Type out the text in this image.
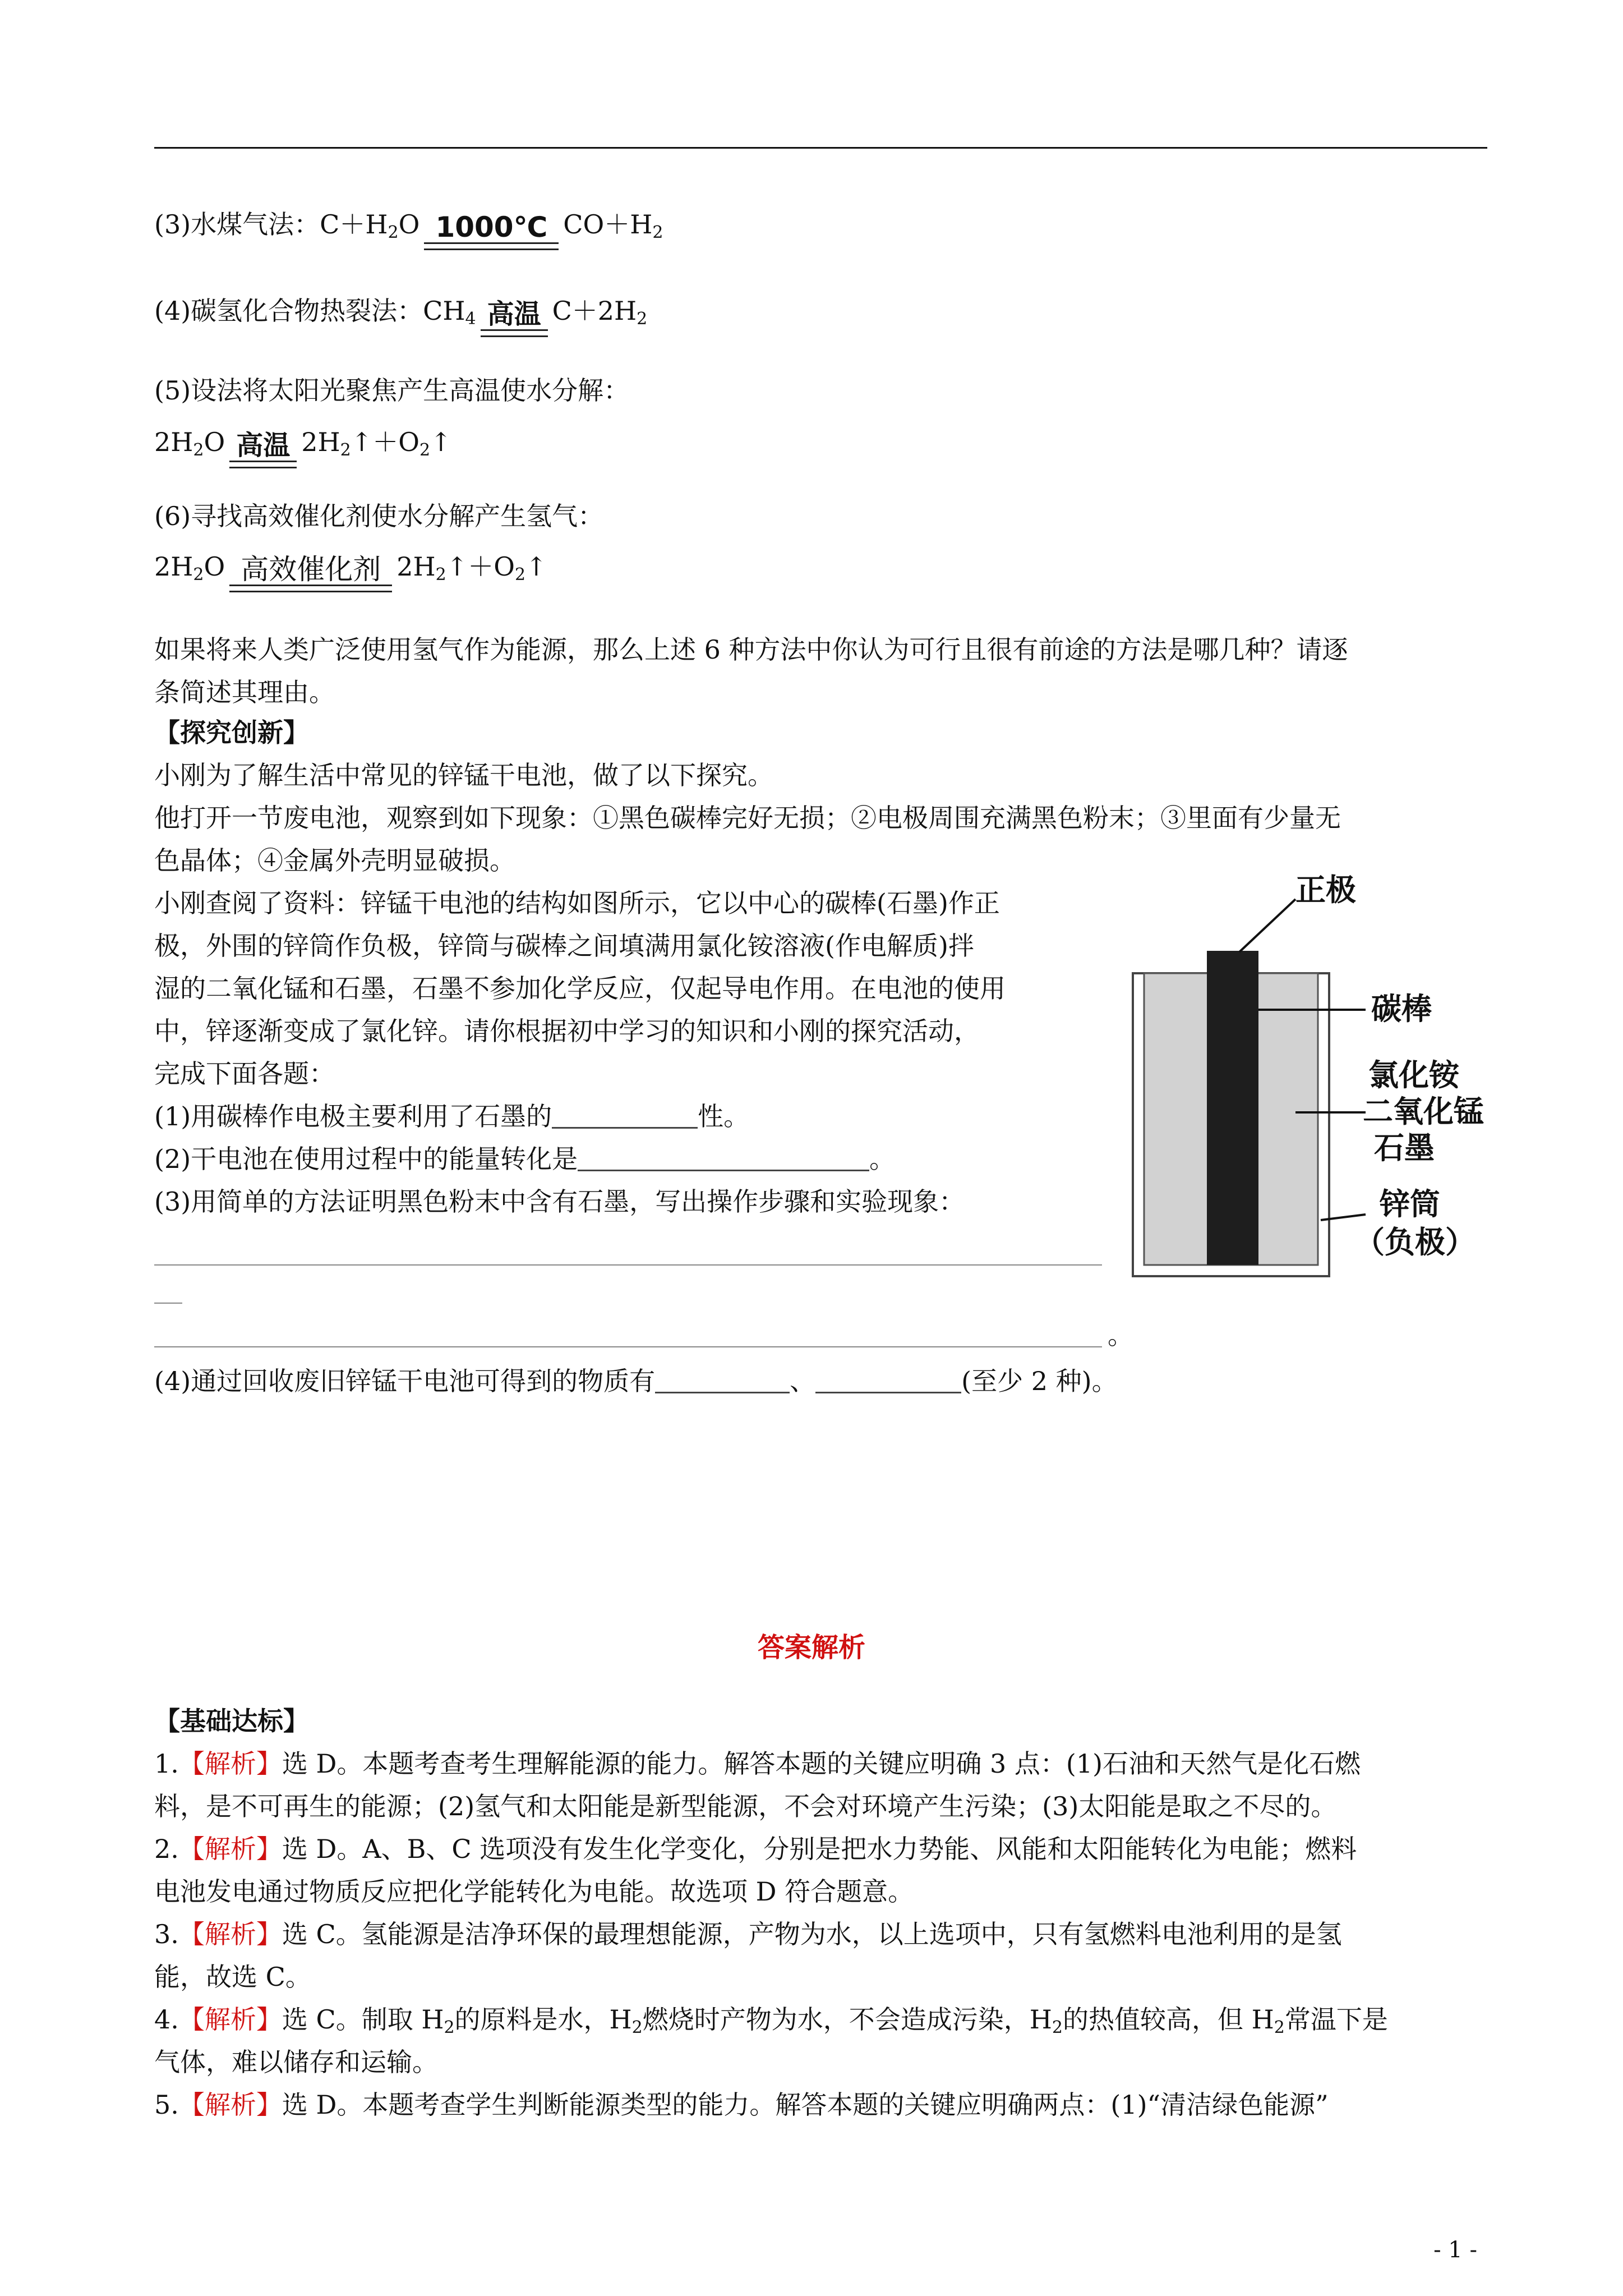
(3)水煤气法：$C+H_2O$ 1000℃ $CO+H_2$
(4)碳氢化合物热裂法：$CH_4$ 高温 $C+2H_2$
(5)设法将太阳光聚焦产生高温使水分解：
$2H_2O$ 高温 $2H_2↑+O_2↑$
(6)寻找高效催化剂使水分解产生氢气：
$2H_2O$ 高效催化剂 $2H_2↑+O_2↑$
如果将来人类广泛使用氢气作为能源，那么上述 6 种方法中你认为可行且很有前途的方法是哪几种？请逐
条简述其理由。
【探究创新】
小刚为了解生活中常见的锌锰干电池，做了以下探究。
他打开一节废电池，观察到如下现象：①黑色碳棒完好无损；②电极周围充满黑色粉末；③里面有少量无
色晶体；④金属外壳明显破损。
小刚查阅了资料：锌锰干电池的结构如图所示，它以中心的碳棒(石墨)作正
极，外围的锌筒作负极，锌筒与碳棒之间填满用氯化铵溶液(作电解质)拌
湿的二氧化锰和石墨，石墨不参加化学反应，仅起导电作用。在电池的使用
中，锌逐渐变成了氯化锌。请你根据初中学习的知识和小刚的探究活动，
完成下面各题：
(1)用碳棒作电极主要利用了石墨的	性。
(2)干电池在使用过程中的能量转化是	。
(3)用简单的方法证明黑色粉末中含有石墨，写出操作步骤和实验现象：
。
(4)通过回收废旧锌锰干电池可得到的物质有	、	(至少 2 种)。
正极
碳棒
氯化铵
二氧化锰
石墨
锌筒
（负极）
答案解析
【基础达标】
1.【解析】选 D。本题考查考生理解能源的能力。解答本题的关键应明确 3 点：(1)石油和天然气是化石燃
料，是不可再生的能源；(2)氢气和太阳能是新型能源，不会对环境产生污染；(3)太阳能是取之不尽的。
2.【解析】选 D。A、B、C 选项没有发生化学变化，分别是把水力势能、风能和太阳能转化为电能；燃料
电池发电通过物质反应把化学能转化为电能。故选项 D 符合题意。
3.【解析】选 C。氢能源是洁净环保的最理想能源，产物为水，以上选项中，只有氢燃料电池利用的是氢
能，故选 C。
4.【解析】选 C。制取 $H_2$的原料是水，$H_2$燃烧时产物为水，不会造成污染，$H_2$的热值较高，但 $H_2$常温下是
气体，难以储存和运输。
5.【解析】选 D。本题考查学生判断能源类型的能力。解答本题的关键应明确两点：(1)“清洁绿色能源”
- 1 -
